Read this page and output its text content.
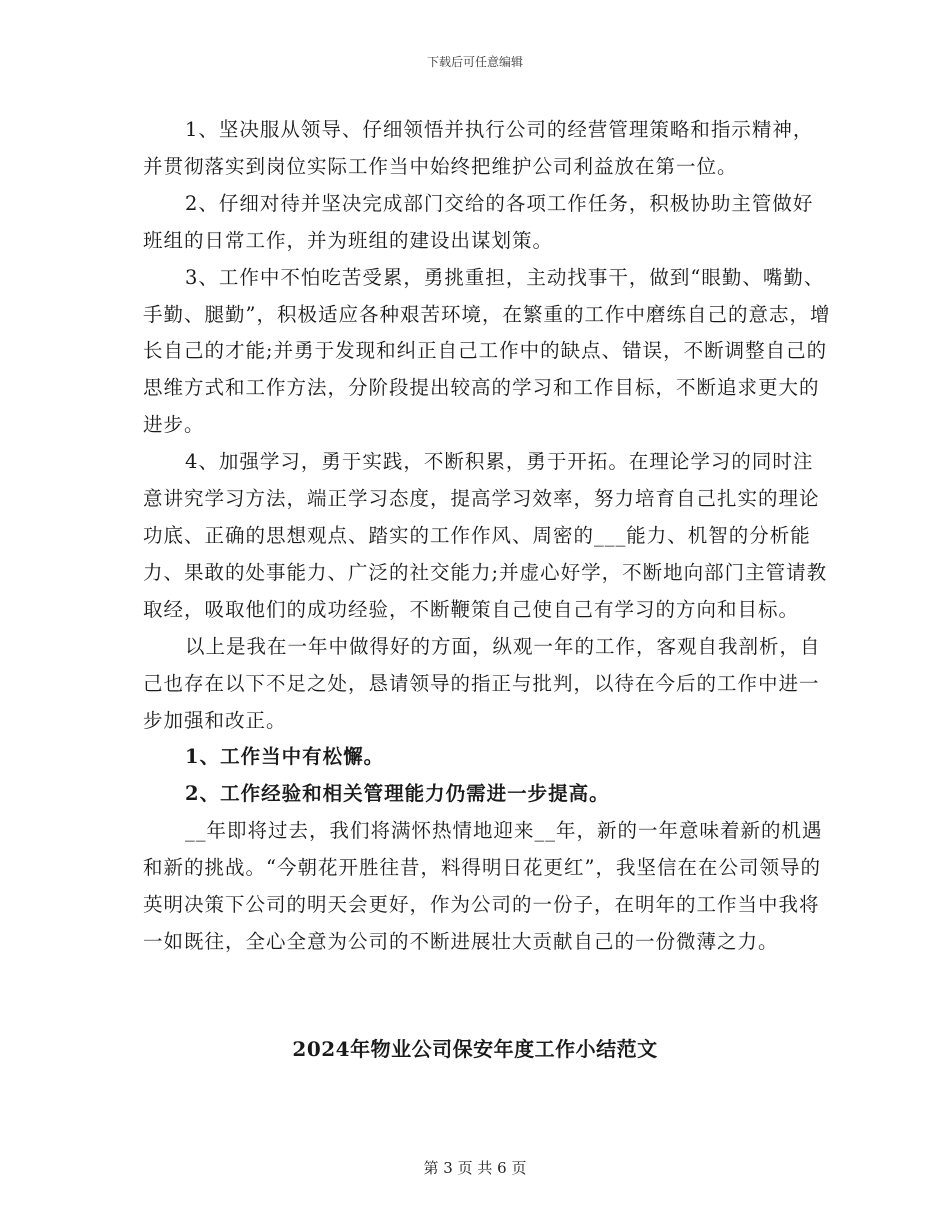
下载后可任意编辑

1、坚决服从领导、仔细领悟并执行公司的经营管理策略和指示精神，并贯彻落实到岗位实际工作当中始终把维护公司利益放在第一位。

2、仔细对待并坚决完成部门交给的各项工作任务，积极协助主管做好班组的日常工作，并为班组的建设出谋划策。

3、工作中不怕吃苦受累，勇挑重担，主动找事干，做到“眼勤、嘴勤、手勤、腿勤”，积极适应各种艰苦环境，在繁重的工作中磨练自己的意志，增长自己的才能;并勇于发现和纠正自己工作中的缺点、错误，不断调整自己的思维方式和工作方法，分阶段提出较高的学习和工作目标，不断追求更大的进步。

4、加强学习，勇于实践，不断积累，勇于开拓。在理论学习的同时注意讲究学习方法，端正学习态度，提高学习效率，努力培育自己扎实的理论功底、正确的思想观点、踏实的工作作风、周密的___能力、机智的分析能力、果敢的处事能力、广泛的社交能力;并虚心好学，不断地向部门主管请教取经，吸取他们的成功经验，不断鞭策自己使自己有学习的方向和目标。

以上是我在一年中做得好的方面，纵观一年的工作，客观自我剖析，自己也存在以下不足之处，恳请领导的指正与批判，以待在今后的工作中进一步加强和改正。

1、工作当中有松懈。

2、工作经验和相关管理能力仍需进一步提高。

__年即将过去，我们将满怀热情地迎来__年，新的一年意味着新的机遇和新的挑战。“今朝花开胜往昔，料得明日花更红”，我坚信在在公司领导的英明决策下公司的明天会更好，作为公司的一份子，在明年的工作当中我将一如既往，全心全意为公司的不断进展壮大贡献自己的一份微薄之力。

2024年物业公司保安年度工作小结范文
第 3 页 共 6 页
